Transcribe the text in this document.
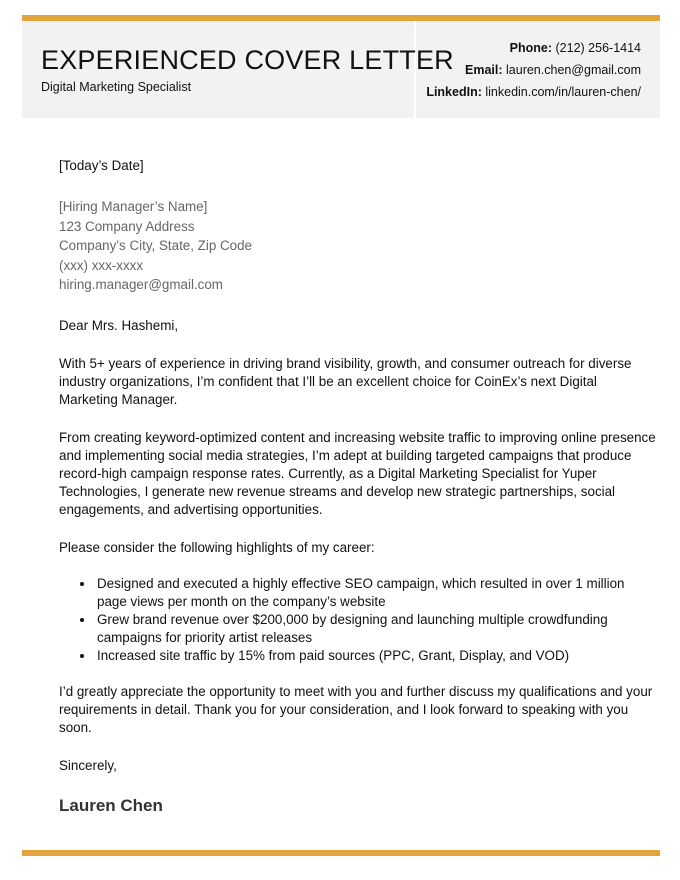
EXPERIENCED COVER LETTER
Digital Marketing Specialist
Phone: (212) 256-1414
Email: lauren.chen@gmail.com
LinkedIn: linkedin.com/in/lauren-chen/
[Today’s Date]
[Hiring Manager’s Name]
123 Company Address
Company’s City, State, Zip Code
(xxx) xxx-xxxx
hiring.manager@gmail.com
Dear Mrs. Hashemi,

With 5+ years of experience in driving brand visibility, growth, and consumer outreach for diverse industry organizations, I’m confident that I’ll be an excellent choice for CoinEx’s next Digital Marketing Manager.

From creating keyword-optimized content and increasing website traffic to improving online presence and implementing social media strategies, I’m adept at building targeted campaigns that produce record-high campaign response rates. Currently, as a Digital Marketing Specialist for Yuper Technologies, I generate new revenue streams and develop new strategic partnerships, social engagements, and advertising opportunities.

Please consider the following highlights of my career:

Designed and executed a highly effective SEO campaign, which resulted in over 1 million page views per month on the company’s website
Grew brand revenue over $200,000 by designing and launching multiple crowdfunding campaigns for priority artist releases
Increased site traffic by 15% from paid sources (PPC, Grant, Display, and VOD)

I’d greatly appreciate the opportunity to meet with you and further discuss my qualifications and your requirements in detail. Thank you for your consideration, and I look forward to speaking with you soon.

Sincerely,
Lauren Chen
